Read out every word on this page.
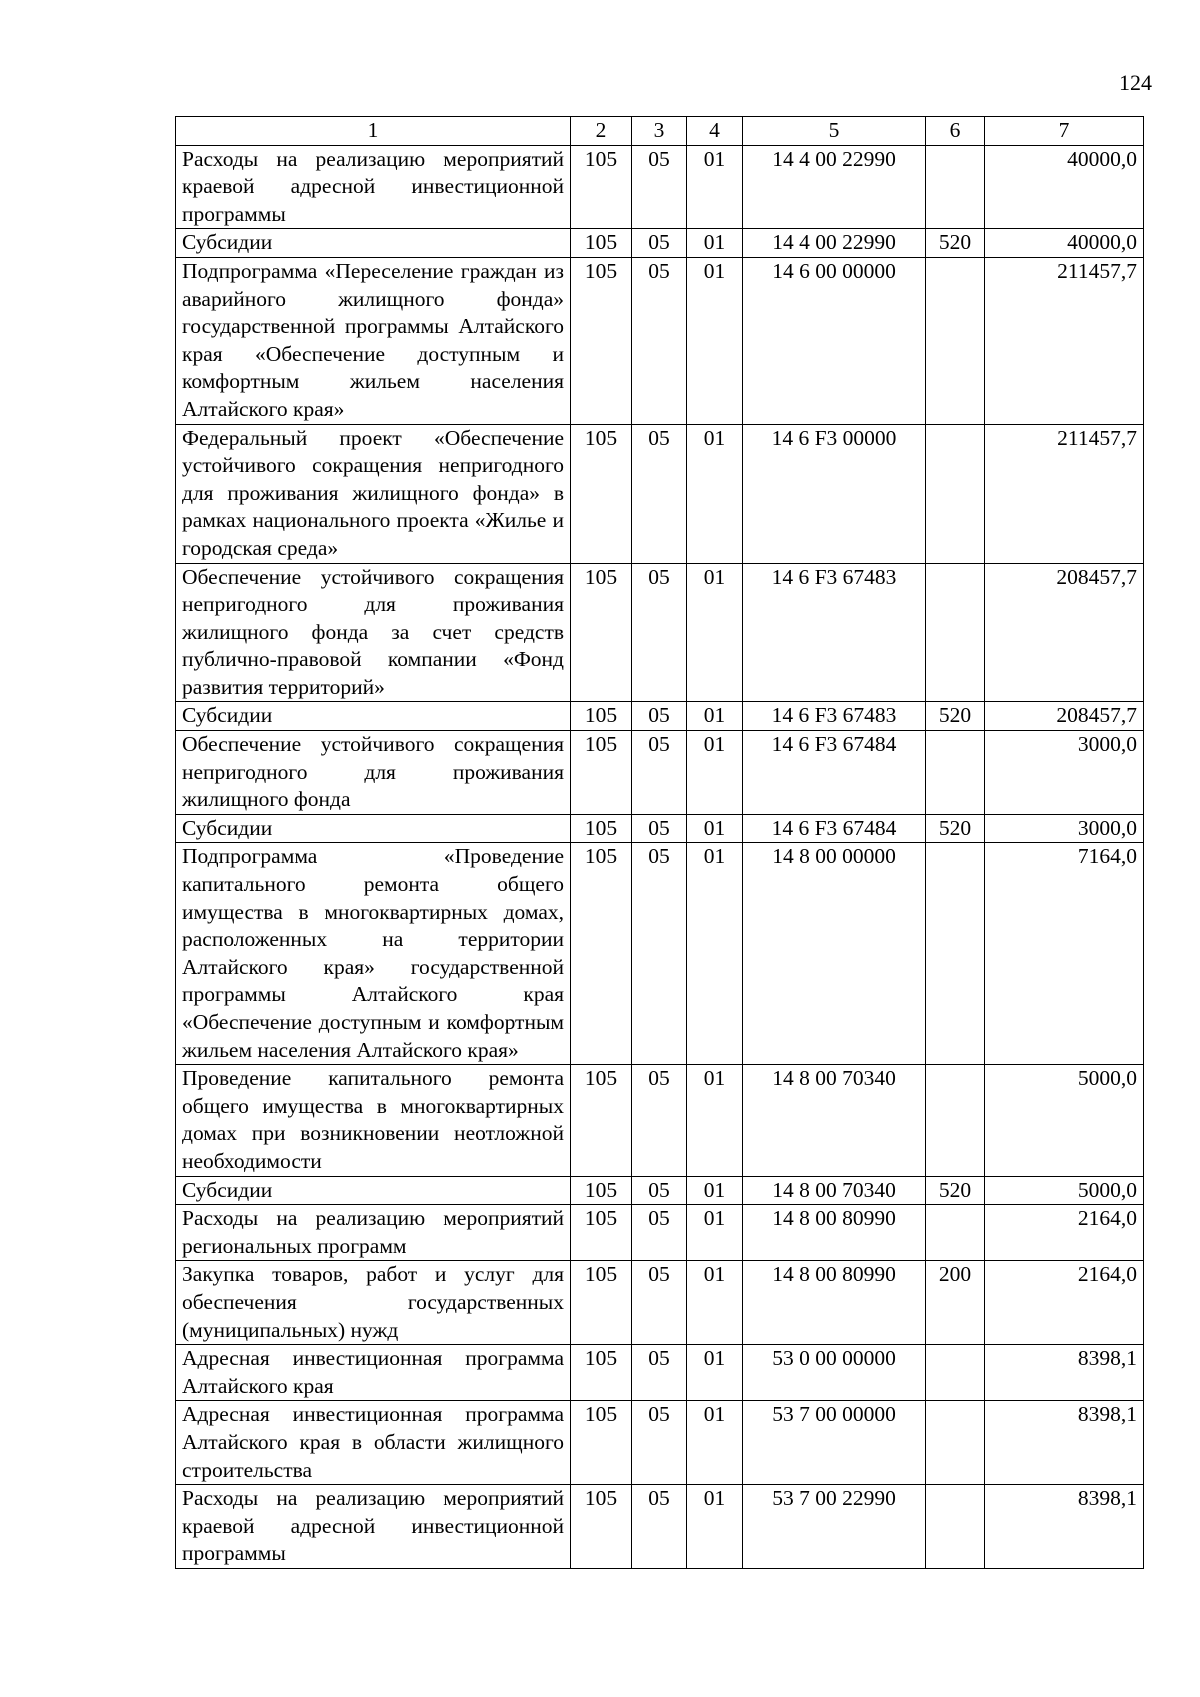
124
1	2	3	4	5	6	7
Расходы на реализацию мероприятий краевой адресной инвестиционной программы	105	05	01	14 4 00 22990		40000,0
Субсидии	105	05	01	14 4 00 22990	520	40000,0
Подпрограмма «Переселение граждан из аварийного жилищного фонда» государственной программы Алтайского края «Обеспечение доступным и комфортным жильем населения Алтайского края»	105	05	01	14 6 00 00000		211457,7
Федеральный проект «Обеспечение устойчивого сокращения непригодного для проживания жилищного фонда» в рамках национального проекта «Жилье и городская среда»	105	05	01	14 6 F3 00000		211457,7
Обеспечение устойчивого сокращения непригодного для проживания жилищного фонда за счет средств публично-правовой компании «Фонд развития территорий»	105	05	01	14 6 F3 67483		208457,7
Субсидии	105	05	01	14 6 F3 67483	520	208457,7
Обеспечение устойчивого сокращения непригодного для проживания жилищного фонда	105	05	01	14 6 F3 67484		3000,0
Субсидии	105	05	01	14 6 F3 67484	520	3000,0
Подпрограмма «Проведение капитального ремонта общего имущества в многоквартирных домах, расположенных на территории Алтайского края» государственной программы Алтайского края «Обеспечение доступным и комфортным жильем населения Алтайского края»	105	05	01	14 8 00 00000		7164,0
Проведение капитального ремонта общего имущества в многоквартирных домах при возникновении неотложной необходимости	105	05	01	14 8 00 70340		5000,0
Субсидии	105	05	01	14 8 00 70340	520	5000,0
Расходы на реализацию мероприятий региональных программ	105	05	01	14 8 00 80990		2164,0
Закупка товаров, работ и услуг для обеспечения государственных (муниципальных) нужд	105	05	01	14 8 00 80990	200	2164,0
Адресная инвестиционная программа Алтайского края	105	05	01	53 0 00 00000		8398,1
Адресная инвестиционная программа Алтайского края в области жилищного строительства	105	05	01	53 7 00 00000		8398,1
Расходы на реализацию мероприятий краевой адресной инвестиционной программы	105	05	01	53 7 00 22990		8398,1
